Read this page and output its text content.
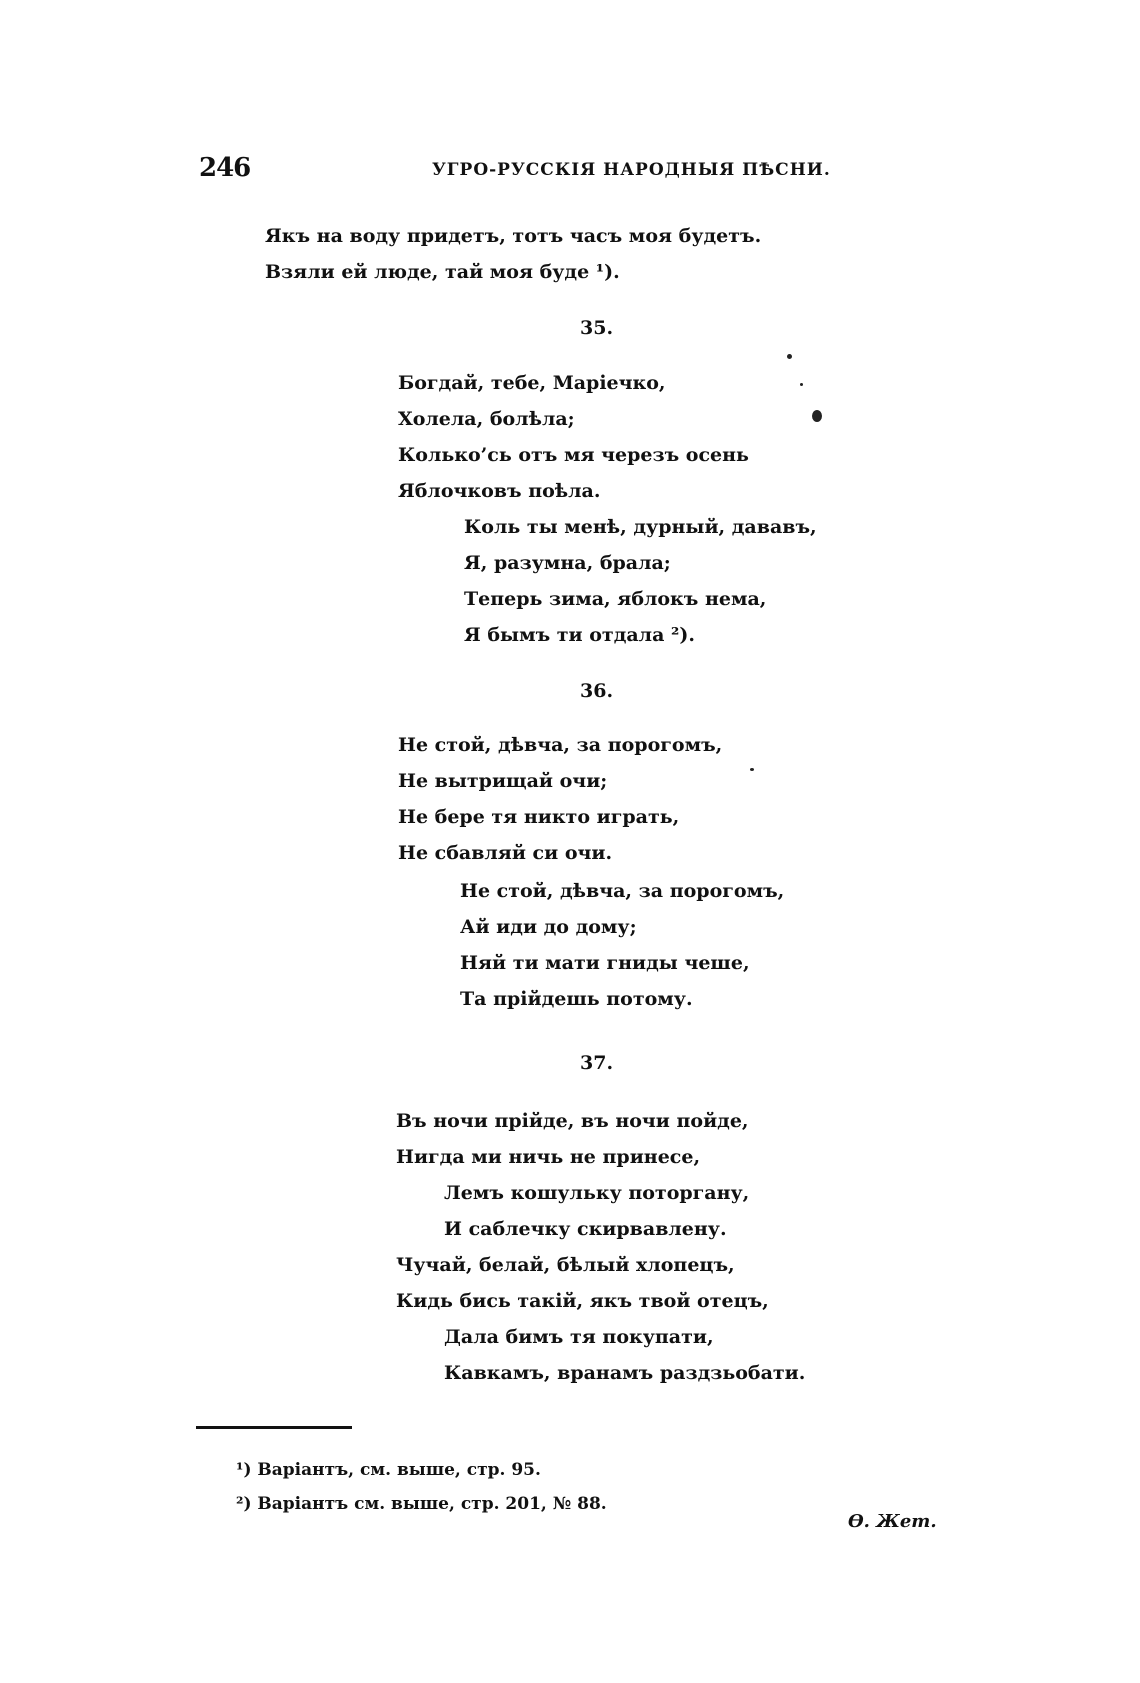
246	УГРО-РУССКІЯ НАРОДНЫЯ ПѢСНИ.
Якъ на воду придетъ, тотъ часъ моя будетъ.
Взяли ей люде, тай моя буде ¹).
35.
Богдай, тебе, Маріечко,
Холела, болѣла;
Колько’сь отъ мя черезъ осень
Яблочковъ поѣла.
Коль ты менѣ, дурный, дававъ,
Я, разумна, брала;
Теперь зима, яблокъ нема,
Я бымъ ти отдала ²).
36.
Не стой, дѣвча, за порогомъ,
Не вытрищай очи;
Не бере тя никто играть,
Не сбавляй си очи.
Не стой, дѣвча, за порогомъ,
Ай иди до дому;
Няй ти мати гниды чеше,
Та прійдешь потому.
37.
Въ ночи прійде, въ ночи пойде,
Нигда ми ничь не принесе,
Лемъ кошульку поторгану,
И саблечку скирвавлену.
Чучай, белай, бѣлый хлопецъ,
Кидь бись такій, якъ твой отецъ,
Дала бимъ тя покупати,
Кавкамъ, вранамъ раздзьобати.
¹) Варіантъ, см. выше, стр. 95.
²) Варіантъ см. выше, стр. 201, № 88.
Ѳ. Жет.
